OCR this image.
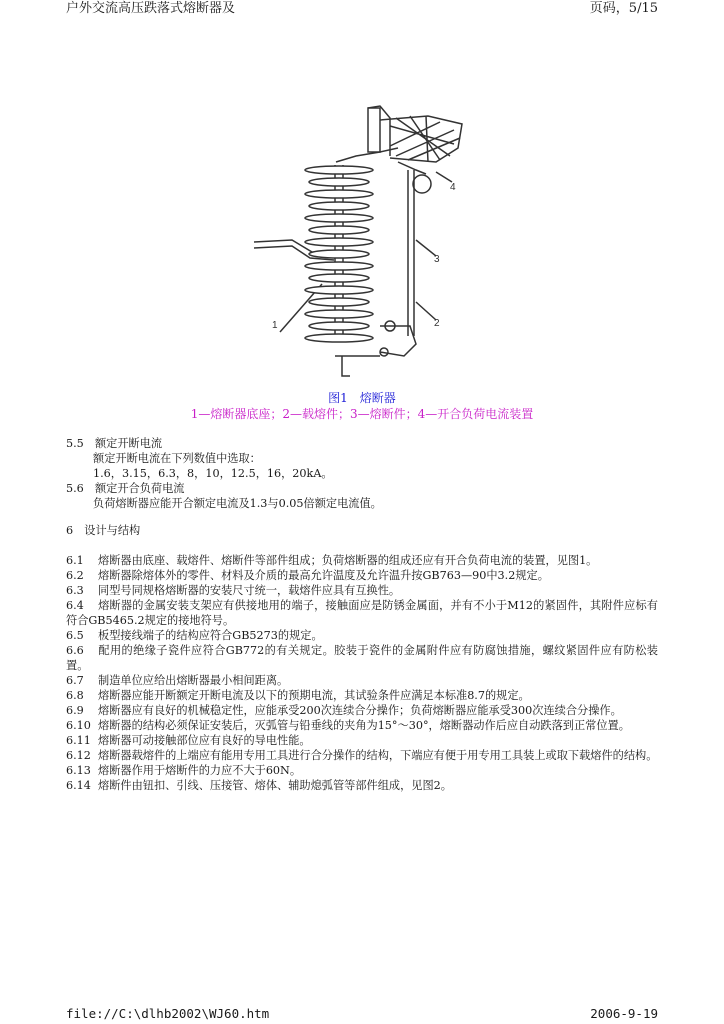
户外交流高压跌落式熔断器及	页码，5/15
1	2
3
4
图1　熔断器
1—熔断器底座；2—载熔件；3—熔断件；4—开合负荷电流装置
5.5　额定开断电流
额定开断电流在下列数值中选取：
1.6，3.15，6.3，8，10，12.5，16，20kA。
5.6　额定开合负荷电流
负荷熔断器应能开合额定电流及1.3与0.05倍额定电流值。
6　设计与结构
6.1 熔断器由底座、载熔件、熔断件等部件组成；负荷熔断器的组成还应有开合负荷电流的装置，见图1。
6.2 熔断器除熔体外的零件、材料及介质的最高允许温度及允许温升按GB763—90中3.2规定。
6.3 同型号同规格熔断器的安装尺寸统一，载熔件应具有互换性。
6.4 熔断器的金属安装支架应有供接地用的端子，接触面应是防锈金属面，并有不小于M12的紧固件，其附件应标有符合GB5465.2规定的接地符号。
6.5 板型接线端子的结构应符合GB5273的规定。
6.6 配用的绝缘子瓷件应符合GB772的有关规定。胶装于瓷件的金属附件应有防腐蚀措施，螺纹紧固件应有防松装置。
6.7 制造单位应给出熔断器最小相间距离。
6.8 熔断器应能开断额定开断电流及以下的预期电流，其试验条件应满足本标准8.7的规定。
6.9 熔断器应有良好的机械稳定性，应能承受200次连续合分操作；负荷熔断器应能承受300次连续合分操作。
6.10 熔断器的结构必须保证安装后，灭弧管与铅垂线的夹角为15°～30°，熔断器动作后应自动跌落到正常位置。
6.11 熔断器可动接触部位应有良好的导电性能。
6.12 熔断器载熔件的上端应有能用专用工具进行合分操作的结构，下端应有便于用专用工具装上或取下载熔件的结构。
6.13 熔断器作用于熔断件的力应不大于60N。
6.14 熔断件由钮扣、引线、压接管、熔体、辅助熄弧管等部件组成，见图2。
file://C:\dlhb2002\WJ60.htm	2006-9-19
